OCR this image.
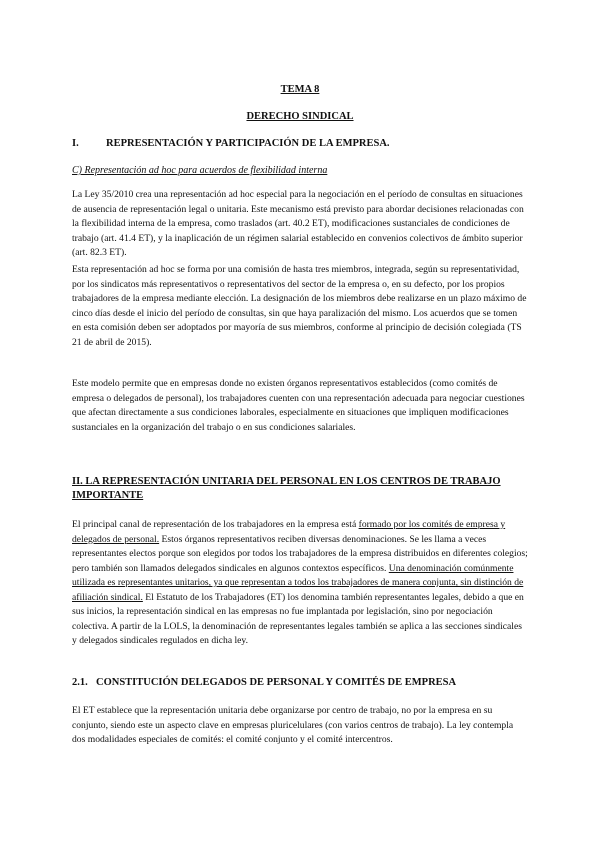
TEMA 8
DERECHO SINDICAL
I.	REPRESENTACIÓN Y PARTICIPACIÓN DE LA EMPRESA.
C) Representación ad hoc para acuerdos de flexibilidad interna
La Ley 35/2010 crea una representación ad hoc especial para la negociación en el período de consultas en situaciones de ausencia de representación legal o unitaria. Este mecanismo está previsto para abordar decisiones relacionadas con la flexibilidad interna de la empresa, como traslados (art. 40.2 ET), modificaciones sustanciales de condiciones de trabajo (art. 41.4 ET), y la inaplicación de un régimen salarial establecido en convenios colectivos de ámbito superior (art. 82.3 ET).
Esta representación ad hoc se forma por una comisión de hasta tres miembros, integrada, según su representatividad, por los sindicatos más representativos o representativos del sector de la empresa o, en su defecto, por los propios trabajadores de la empresa mediante elección. La designación de los miembros debe realizarse en un plazo máximo de cinco días desde el inicio del período de consultas, sin que haya paralización del mismo. Los acuerdos que se tomen en esta comisión deben ser adoptados por mayoría de sus miembros, conforme al principio de decisión colegiada (TS 21 de abril de 2015).
Este modelo permite que en empresas donde no existen órganos representativos establecidos (como comités de empresa o delegados de personal), los trabajadores cuenten con una representación adecuada para negociar cuestiones que afectan directamente a sus condiciones laborales, especialmente en situaciones que impliquen modificaciones sustanciales en la organización del trabajo o en sus condiciones salariales.
II. LA REPRESENTACIÓN UNITARIA DEL PERSONAL EN LOS CENTROS DE TRABAJO IMPORTANTE
El principal canal de representación de los trabajadores en la empresa está formado por los comités de empresa y delegados de personal. Estos órganos representativos reciben diversas denominaciones. Se les llama a veces representantes electos porque son elegidos por todos los trabajadores de la empresa distribuidos en diferentes colegios; pero también son llamados delegados sindicales en algunos contextos específicos. Una denominación comúnmente utilizada es representantes unitarios, ya que representan a todos los trabajadores de manera conjunta, sin distinción de afiliación sindical. El Estatuto de los Trabajadores (ET) los denomina también representantes legales, debido a que en sus inicios, la representación sindical en las empresas no fue implantada por legislación, sino por negociación colectiva. A partir de la LOLS, la denominación de representantes legales también se aplica a las secciones sindicales y delegados sindicales regulados en dicha ley.
2.1. CONSTITUCIÓN DELEGADOS DE PERSONAL Y COMITÉS DE EMPRESA
El ET establece que la representación unitaria debe organizarse por centro de trabajo, no por la empresa en su conjunto, siendo este un aspecto clave en empresas pluricelulares (con varios centros de trabajo). La ley contempla dos modalidades especiales de comités: el comité conjunto y el comité intercentros.
